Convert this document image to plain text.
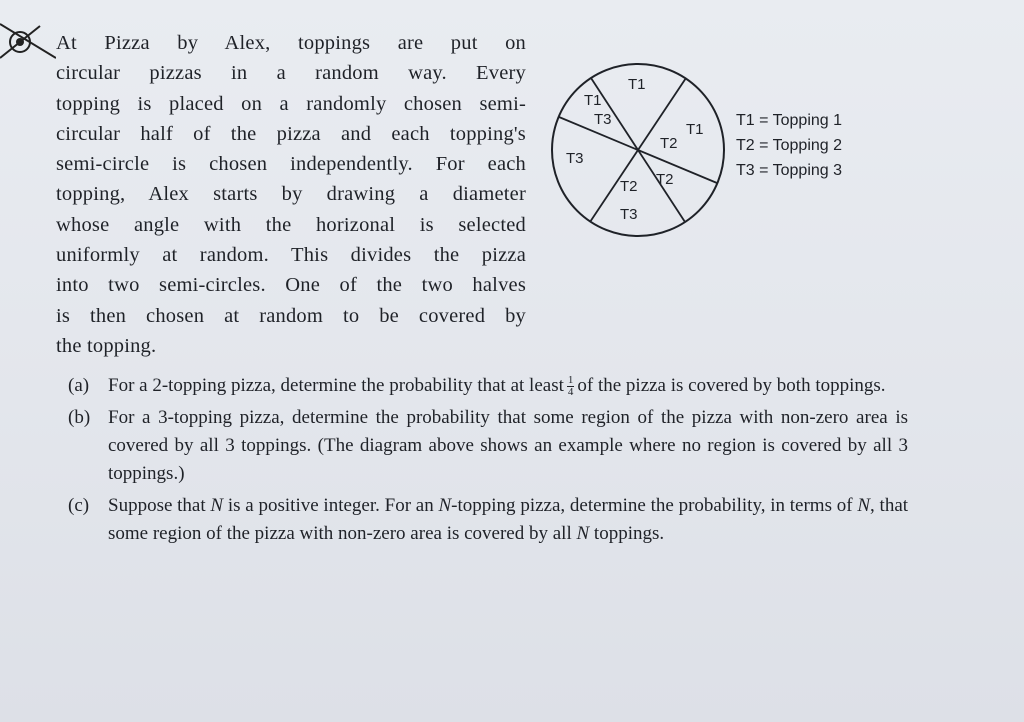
At Pizza by Alex, toppings are put on
circular pizzas in a random way. Every
topping is placed on a randomly chosen semi-
circular half of the pizza and each topping's
semi-circle is chosen independently. For each
topping, Alex starts by drawing a diameter
whose angle with the horizonal is selected
uniformly at random. This divides the pizza
into two semi-circles. One of the two halves
is then chosen at random to be covered by
the topping.
T1
T1
T3
T2
T1
T3
T2 T2
T3
T1 = Topping 1
T2 = Topping 2
T3 = Topping 3
(a) For a 2-topping pizza, determine the probability that at least $\frac{1}{4}$ of the pizza is covered by both toppings.
(b) For a 3-topping pizza, determine the probability that some region of the pizza with non-zero area is covered by all 3 toppings. (The diagram above shows an example where no region is covered by all 3 toppings.)
(c) Suppose that N is a positive integer. For an N-topping pizza, determine the probability, in terms of N, that some region of the pizza with non-zero area is covered by all N toppings.
